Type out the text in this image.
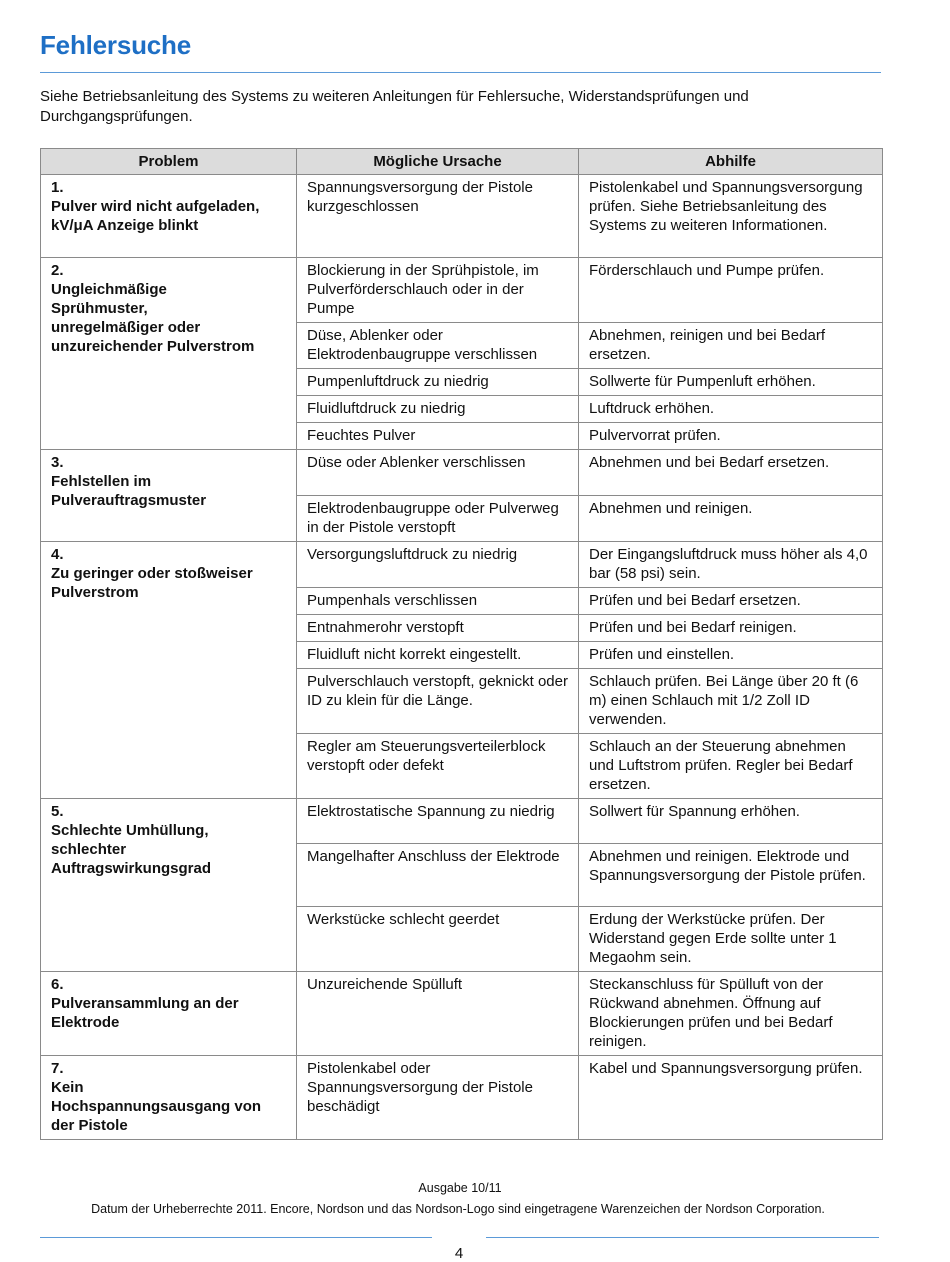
Fehlersuche

Siehe Betriebsanleitung des Systems zu weiteren Anleitungen für Fehlersuche, Widerstandsprüfungen und Durchgangsprüfungen.

Problem	Mögliche Ursache	Abhilfe
1.Pulver wird nicht aufgeladen, kV/μA Anzeige blinkt	Spannungsversorgung der Pistole kurzgeschlossen	Pistolenkabel und Spannungsversorgung prüfen. Siehe Betriebsanleitung des Systems zu weiteren Informationen.
2.Ungleichmäßige Sprühmuster, unregelmäßiger oder unzureichender Pulverstrom	Blockierung in der Sprühpistole, im Pulverförderschlauch oder in der Pumpe	Förderschlauch und Pumpe prüfen.
	Düse, Ablenker oder Elektrodenbaugruppe verschlissen	Abnehmen, reinigen und bei Bedarf ersetzen.
	Pumpenluftdruck zu niedrig	Sollwerte für Pumpenluft erhöhen.
	Fluidluftdruck zu niedrig	Luftdruck erhöhen.
	Feuchtes Pulver	Pulvervorrat prüfen.
3.Fehlstellen im Pulverauftragsmuster	Düse oder Ablenker verschlissen	Abnehmen und bei Bedarf ersetzen.
	Elektrodenbaugruppe oder Pulverweg in der Pistole verstopft	Abnehmen und reinigen.
4.Zu geringer oder stoßweiser Pulverstrom	Versorgungsluftdruck zu niedrig	Der Eingangsluftdruck muss höher als 4,0 bar (58 psi) sein.
	Pumpenhals verschlissen	Prüfen und bei Bedarf ersetzen.
	Entnahmerohr verstopft	Prüfen und bei Bedarf reinigen.
	Fluidluft nicht korrekt eingestellt.	Prüfen und einstellen.
	Pulverschlauch verstopft, geknickt oder ID zu klein für die Länge.	Schlauch prüfen. Bei Länge über 20 ft (6 m) einen Schlauch mit 1/2 Zoll ID verwenden.
	Regler am Steuerungsverteilerblock verstopft oder defekt	Schlauch an der Steuerung abnehmen und Luftstrom prüfen. Regler bei Bedarf ersetzen.
5.Schlechte Umhüllung, schlechter Auftragswirkungsgrad	Elektrostatische Spannung zu niedrig	Sollwert für Spannung erhöhen.
	Mangelhafter Anschluss der Elektrode	Abnehmen und reinigen. Elektrode und Spannungsversorgung der Pistole prüfen.
	Werkstücke schlecht geerdet	Erdung der Werkstücke prüfen. Der Widerstand gegen Erde sollte unter 1 Megaohm sein.
6.Pulveransammlung an der Elektrode	Unzureichende Spülluft	Steckanschluss für Spülluft von der Rückwand abnehmen. Öffnung auf Blockierungen prüfen und bei Bedarf reinigen.
7.Kein Hochspannungsausgang von der Pistole	Pistolenkabel oder Spannungsversorgung der Pistole beschädigt	Kabel und Spannungsversorgung prüfen.
Ausgabe 10/11
Datum der Urheberrechte 2011. Encore, Nordson und das Nordson-Logo sind eingetragene Warenzeichen der Nordson Corporation.
4
